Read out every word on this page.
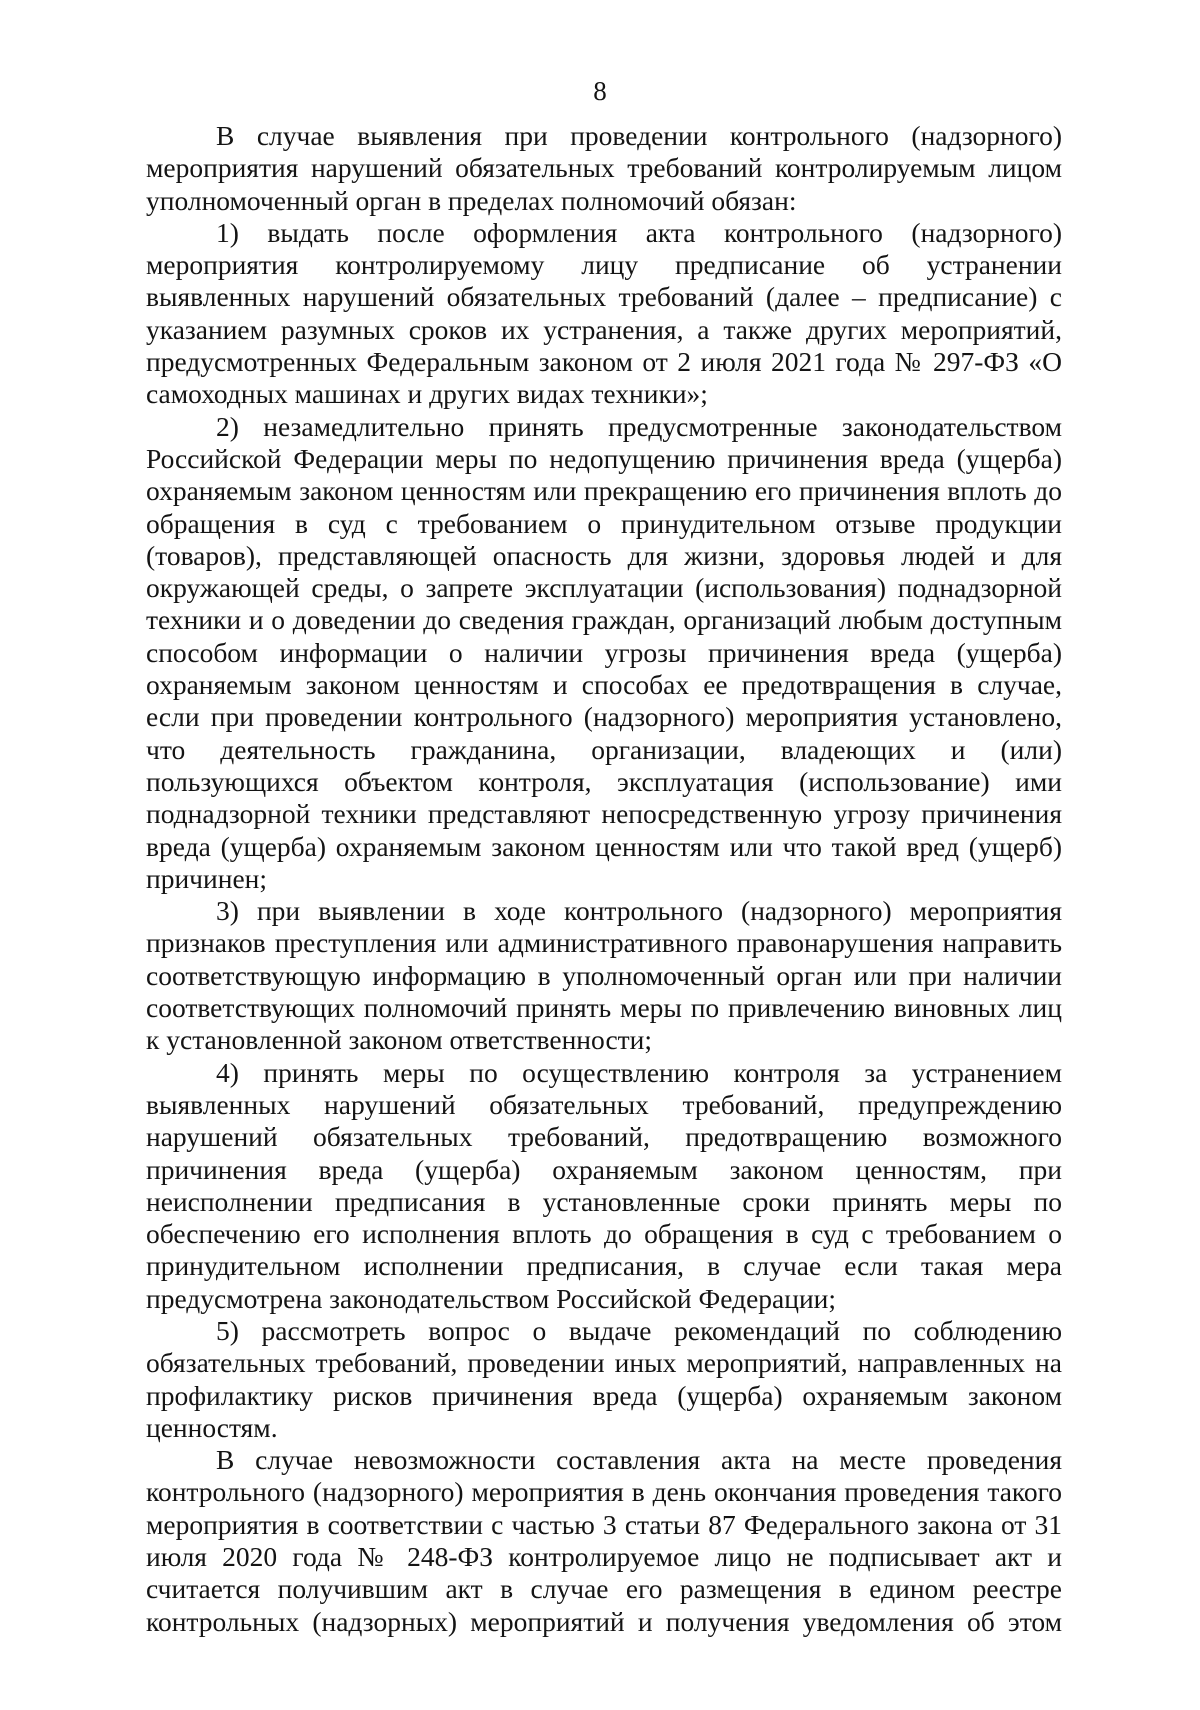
8

В случае выявления при проведении контрольного (надзорного) мероприятия нарушений обязательных требований контролируемым лицом уполномоченный орган в пределах полномочий обязан:

1) выдать после оформления акта контрольного (надзорного) мероприятия контролируемому лицу предписание об устранении выявленных нарушений обязательных требований (далее – предписание) с указанием разумных сроков их устранения, а также других мероприятий, предусмотренных Федеральным законом от 2 июля 2021 года № 297-ФЗ «О самоходных машинах и других видах техники»;

2) незамедлительно принять предусмотренные законодательством Российской Федерации меры по недопущению причинения вреда (ущерба) охраняемым законом ценностям или прекращению его причинения вплоть до обращения в суд с требованием о принудительном отзыве продукции (товаров), представляющей опасность для жизни, здоровья людей и для окружающей среды, о запрете эксплуатации (использования) поднадзорной техники и о доведении до сведения граждан, организаций любым доступным способом информации о наличии угрозы причинения вреда (ущерба) охраняемым законом ценностям и способах ее предотвращения в случае, если при проведении контрольного (надзорного) мероприятия установлено, что деятельность гражданина, организации, владеющих и (или) пользующихся объектом контроля, эксплуатация (использование) ими поднадзорной техники представляют непосредственную угрозу причинения вреда (ущерба) охраняемым законом ценностям или что такой вред (ущерб) причинен;

3) при выявлении в ходе контрольного (надзорного) мероприятия признаков преступления или административного правонарушения направить соответствующую информацию в уполномоченный орган или при наличии соответствующих полномочий принять меры по привлечению виновных лиц к установленной законом ответственности;

4) принять меры по осуществлению контроля за устранением выявленных нарушений обязательных требований, предупреждению нарушений обязательных требований, предотвращению возможного причинения вреда (ущерба) охраняемым законом ценностям, при неисполнении предписания в установленные сроки принять меры по обеспечению его исполнения вплоть до обращения в суд с требованием о принудительном исполнении предписания, в случае если такая мера предусмотрена законодательством Российской Федерации;

5) рассмотреть вопрос о выдаче рекомендаций по соблюдению обязательных требований, проведении иных мероприятий, направленных на профилактику рисков причинения вреда (ущерба) охраняемым законом ценностям.

В случае невозможности составления акта на месте проведения контрольного (надзорного) мероприятия в день окончания проведения такого мероприятия в соответствии с частью 3 статьи 87 Федерального закона от 31 июля 2020 года № 248-ФЗ контролируемое лицо не подписывает акт и считается получившим акт в случае его размещения в едином реестре контрольных (надзорных) мероприятий и получения уведомления об этом
